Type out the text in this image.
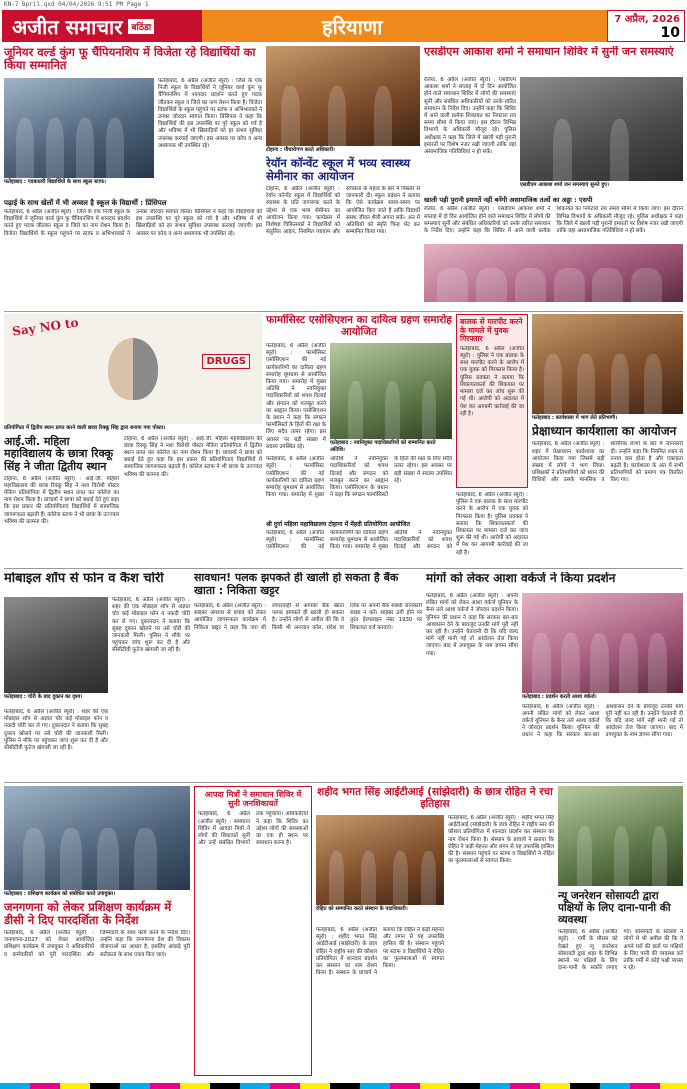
KN-7 Bpril.qxd 04/04/2026 9:51 PM Page 1
अजीत समाचार	बठिंडा	हरियाणा	7 अप्रैल, 2026
10
जूनियर वर्ल्ड कुंग फू चैंपियनशिप में विजेता रहे विद्यार्थियों का किया सम्मानित
फतेहाबाद : पदकधारी विद्यार्थियों के साथ स्कूल स्टाफ।
फतेहाबाद, 6 अप्रैल (अजीत ब्यूरो) : जिले के एक निजी स्कूल के विद्यार्थियों ने जूनियर वर्ल्ड कुंग फू चैंपियनशिप में शानदार प्रदर्शन करते हुए पदक जीतकर स्कूल व जिले का नाम रोशन किया है। विजेता विद्यार्थियों के स्कूल पहुंचने पर स्टाफ व अभिभावकों ने उनका जोरदार स्वागत किया। प्रिंसिपल ने कहा कि विद्यार्थियों की इस उपलब्धि पर पूरे स्कूल को गर्व है और भविष्य में भी खिलाड़ियों को हर संभव सुविधा उपलब्ध करवाई जाएगी। इस अवसर पर कोच व अन्य अध्यापक भी उपस्थित रहे।
पढ़ाई के साथ खेलों में भी अव्वल है स्कूल के विद्यार्थी : प्रिंसिपल
फतेहाबाद, 6 अप्रैल (अजीत ब्यूरो) : जिले के एक निजी स्कूल के विद्यार्थियों ने जूनियर वर्ल्ड कुंग फू चैंपियनशिप में शानदार प्रदर्शन करते हुए पदक जीतकर स्कूल व जिले का नाम रोशन किया है। विजेता विद्यार्थियों के स्कूल पहुंचने पर स्टाफ व अभिभावकों ने उनका जोरदार स्वागत किया। प्रिंसिपल ने कहा कि विद्यार्थियों की इस उपलब्धि पर पूरे स्कूल को गर्व है और भविष्य में भी खिलाड़ियों को हर संभव सुविधा उपलब्ध करवाई जाएगी। इस अवसर पर कोच व अन्य अध्यापक भी उपस्थित रहे।
टोहाना : पौधारोपण करते अधिकारी।
रेयॉन कॉन्वेंट स्कूल में भव्य स्वास्थ्य सेमीनार का आयोजन
टोहाना, 6 अप्रैल (अजीत ब्यूरो) : रेयॉन कॉन्वेंट स्कूल में विद्यार्थियों को स्वास्थ्य के प्रति जागरूक करने के उद्देश्य से एक भव्य सेमीनार का आयोजन किया गया। कार्यक्रम में विशेषज्ञ चिकित्सकों ने विद्यार्थियों को संतुलित आहार, नियमित व्यायाम और स्वच्छता के महत्व के बारे में विस्तार से जानकारी दी। स्कूल प्रबंधन ने बताया कि ऐसे कार्यक्रम समय-समय पर आयोजित किए जाते हैं ताकि विद्यार्थी स्वस्थ जीवन शैली अपना सकें। अंत में अतिथियों को स्मृति चिन्ह भेंट कर सम्मानित किया गया।
एसडीएम आकाश शर्मा ने समाधान शिविर में सुनीं जन समस्याएं
रतिया, 6 अप्रैल (अजीत ब्यूरो) : एसडीएम आकाश शर्मा ने सप्ताह में दो दिन आयोजित होने वाले समाधान शिविर में लोगों की समस्याएं सुनीं और संबंधित अधिकारियों को उनके त्वरित समाधान के निर्देश दिए। उन्होंने कहा कि शिविर में आने वाली प्रत्येक शिकायत का निपटारा तय समय सीमा में किया जाए। इस दौरान विभिन्न विभागों के अधिकारी मौजूद रहे। पुलिस अधीक्षक ने कहा कि जिले में खाली पड़ी पुरानी इमारतों पर विशेष नजर रखी जाएगी ताकि वहां असामाजिक गतिविधियां न हो सकें।
एसडीएम आकाश शर्मा जन समस्याएं सुनते हुए।
खाली पड़ी पुरानी इमारतें नहीं बनेंगी असामाजिक तत्वों का अड्डा : एसपी
रतिया, 6 अप्रैल (अजीत ब्यूरो) : एसडीएम आकाश शर्मा ने सप्ताह में दो दिन आयोजित होने वाले समाधान शिविर में लोगों की समस्याएं सुनीं और संबंधित अधिकारियों को उनके त्वरित समाधान के निर्देश दिए। उन्होंने कहा कि शिविर में आने वाली प्रत्येक शिकायत का निपटारा तय समय सीमा में किया जाए। इस दौरान विभिन्न विभागों के अधिकारी मौजूद रहे। पुलिस अधीक्षक ने कहा कि जिले में खाली पड़ी पुरानी इमारतों पर विशेष नजर रखी जाएगी ताकि वहां असामाजिक गतिविधियां न हो सकें।
Say NO to
DRUGS
प्रतियोगिता में द्वितीय स्थान प्राप्त करने वाली छात्रा रिक्कू सिंह द्वारा बनाया गया पोस्टर।
आई.जी. महिला महाविद्यालय के छात्रा रिक्कू सिंह ने जीता द्वितीय स्थान
टोहाना, 6 अप्रैल (अजीत ब्यूरो) : आई.जी. महिला महाविद्यालय की छात्रा रिक्कू सिंह ने नशा विरोधी पोस्टर मेकिंग प्रतियोगिता में द्वितीय स्थान प्राप्त कर कॉलेज का नाम रोशन किया है। प्राचार्या ने छात्रा को बधाई देते हुए कहा कि इस प्रकार की प्रतियोगिताएं विद्यार्थियों में सामाजिक जागरूकता बढ़ाती हैं। कॉलेज स्टाफ ने भी छात्रा के उज्ज्वल भविष्य की कामना की।
टोहाना, 6 अप्रैल (अजीत ब्यूरो) : आई.जी. महिला महाविद्यालय की छात्रा रिक्कू सिंह ने नशा विरोधी पोस्टर मेकिंग प्रतियोगिता में द्वितीय स्थान प्राप्त कर कॉलेज का नाम रोशन किया है। प्राचार्या ने छात्रा को बधाई देते हुए कहा कि इस प्रकार की प्रतियोगिताएं विद्यार्थियों में सामाजिक जागरूकता बढ़ाती हैं। कॉलेज स्टाफ ने भी छात्रा के उज्ज्वल भविष्य की कामना की।
फार्मासिस्ट एसोसिएशन का दायित्व ग्रहण समारोह आयोजित
फतेहाबाद, 6 अप्रैल (अजीत ब्यूरो) : फार्मासिस्ट एसोसिएशन की नई कार्यकारिणी का दायित्व ग्रहण समारोह धूमधाम से आयोजित किया गया। समारोह में मुख्य अतिथि ने नवनियुक्त पदाधिकारियों को शपथ दिलाई और संगठन को मजबूत करने का आह्वान किया। एसोसिएशन के प्रधान ने कहा कि संगठन फार्मासिस्टों के हितों की रक्षा के लिए सदैव तत्पर रहेगा। इस अवसर पर बड़ी संख्या में सदस्य उपस्थित रहे।
फतेहाबाद : नवनियुक्त पदाधिकारियों को सम्मानित करते अतिथि।
फतेहाबाद, 6 अप्रैल (अजीत ब्यूरो) : फार्मासिस्ट एसोसिएशन की नई कार्यकारिणी का दायित्व ग्रहण समारोह धूमधाम से आयोजित किया गया। समारोह में मुख्य अतिथि ने नवनियुक्त पदाधिकारियों को शपथ दिलाई और संगठन को मजबूत करने का आह्वान किया। एसोसिएशन के प्रधान ने कहा कि संगठन फार्मासिस्टों के हितों की रक्षा के लिए सदैव तत्पर रहेगा। इस अवसर पर बड़ी संख्या में सदस्य उपस्थित रहे।
श्री दुर्गा महिला महाविद्यालय टोहाना में मेंहदी प्रतियोगिता आयोजित
फतेहाबाद, 6 अप्रैल (अजीत ब्यूरो) : फार्मासिस्ट एसोसिएशन की नई कार्यकारिणी का दायित्व ग्रहण समारोह धूमधाम से आयोजित किया गया। समारोह में मुख्य अतिथि ने नवनियुक्त पदाधिकारियों को शपथ दिलाई और संगठन को
बालक से मारपीट करने के मामले में युवक गिरफ्तार
फतेहाबाद, 6 अप्रैल (अजीत ब्यूरो) : पुलिस ने एक बालक के साथ मारपीट करने के आरोप में एक युवक को गिरफ्तार किया है। पुलिस प्रवक्ता ने बताया कि शिकायतकर्ता की शिकायत पर मामला दर्ज कर जांच शुरू की गई थी। आरोपी को अदालत में पेश कर आगामी कार्रवाई की जा रही है।
फतेहाबाद : कार्यशाला में भाग लेते प्रतिभागी।
प्रेक्षाध्यान कार्यशाला का आयोजन
फतेहाबाद, 6 अप्रैल (अजीत ब्यूरो) : शहर में प्रेक्षाध्यान कार्यशाला का आयोजन किया गया जिसमें बड़ी संख्या में लोगों ने भाग लिया। प्रशिक्षकों ने प्रतिभागियों को ध्यान की विधियों और उसके मानसिक व शारीरिक लाभों के बारे में जानकारी दी। उन्होंने कहा कि नियमित ध्यान से तनाव कम होता है और एकाग्रता बढ़ती है। कार्यशाला के अंत में सभी प्रतिभागियों को प्रमाण पत्र वितरित किए गए।
फतेहाबाद, 6 अप्रैल (अजीत ब्यूरो) : पुलिस ने एक बालक के साथ मारपीट करने के आरोप में एक युवक को गिरफ्तार किया है। पुलिस प्रवक्ता ने बताया कि शिकायतकर्ता की शिकायत पर मामला दर्ज कर जांच शुरू की गई थी। आरोपी को अदालत में पेश कर आगामी कार्रवाई की जा रही है।
मोबाइल शॉप से फोन व कैश चोरी
फतेहाबाद : चोरी के बाद दुकान का दृश्य।
फतेहाबाद, 6 अप्रैल (अजीत ब्यूरो) : शहर की एक मोबाइल शॉप से अज्ञात चोर कई मोबाइल फोन व नकदी चोरी कर ले गए। दुकानदार ने बताया कि सुबह दुकान खोलने पर उसे चोरी की जानकारी मिली। पुलिस ने मौके पर पहुंचकर जांच शुरू कर दी है और सीसीटीवी फुटेज खंगाली जा रही है।
फतेहाबाद, 6 अप्रैल (अजीत ब्यूरो) : शहर की एक मोबाइल शॉप से अज्ञात चोर कई मोबाइल फोन व नकदी चोरी कर ले गए। दुकानदार ने बताया कि सुबह दुकान खोलने पर उसे चोरी की जानकारी मिली। पुलिस ने मौके पर पहुंचकर जांच शुरू कर दी है और सीसीटीवी फुटेज खंगाली जा रही है।
सावधान! पलक झपकते ही खाली हो सकता है बैंक खाता : निकिता खट्टर
फतेहाबाद, 6 अप्रैल (अजीत ब्यूरो) : साइबर अपराध से बचाव को लेकर आयोजित जागरूकता कार्यक्रम में निकिता खट्टर ने कहा कि जरा सी लापरवाही से आपका बैंक खाता पलक झपकते ही खाली हो सकता है। उन्होंने लोगों से अपील की कि वे किसी भी अनजान कॉल, संदेश या लिंक पर अपनी बैंक संबंधी जानकारी साझा न करें। साइबर ठगी होने पर तुरंत हेल्पलाइन नंबर 1930 पर शिकायत दर्ज करवाएं।
मांगों को लेकर आशा वर्कर्ज ने किया प्रदर्शन
फतेहाबाद, 6 अप्रैल (अजीत ब्यूरो) : अपनी लंबित मांगों को लेकर आशा वर्कर्ज यूनियन के बैनर तले आशा वर्कर्ज ने जोरदार प्रदर्शन किया। यूनियन की प्रधान ने कहा कि सरकार बार-बार आश्वासन देने के बावजूद उनकी मांगें पूरी नहीं कर रही है। उन्होंने चेतावनी दी कि यदि जल्द मांगें नहीं मानी गईं तो आंदोलन तेज किया जाएगा। बाद में उपायुक्त के नाम ज्ञापन सौंपा गया।
फतेहाबाद : प्रदर्शन करती आशा वर्कर्ज।
फतेहाबाद, 6 अप्रैल (अजीत ब्यूरो) : अपनी लंबित मांगों को लेकर आशा वर्कर्ज यूनियन के बैनर तले आशा वर्कर्ज ने जोरदार प्रदर्शन किया। यूनियन की प्रधान ने कहा कि सरकार बार-बार आश्वासन देने के बावजूद उनकी मांगें पूरी नहीं कर रही है। उन्होंने चेतावनी दी कि यदि जल्द मांगें नहीं मानी गईं तो आंदोलन तेज किया जाएगा। बाद में उपायुक्त के नाम ज्ञापन सौंपा गया।
फतेहाबाद : प्रशिक्षण कार्यक्रम को संबोधित करते उपायुक्त।
जनगणना को लेकर प्रशिक्षण कार्यक्रम में डीसी ने दिए पारदर्शिता के निर्देश
फतेहाबाद, 6 अप्रैल (अजीत ब्यूरो) : जनगणना-2027 को लेकर आयोजित प्रशिक्षण कार्यक्रम में उपायुक्त ने अधिकारियों व कर्मचारियों को पूरी पारदर्शिता और जिम्मेदारी के साथ कार्य करने के निर्देश दिए। उन्होंने कहा कि जनगणना देश की विकास योजनाओं का आधार है, इसलिए आंकड़े पूरी सटीकता के साथ एकत्र किए जाएं।
आपदा मित्रों ने समाधान शिविर में सुनी जनशिकायतें
फतेहाबाद, 6 अप्रैल (अजीत ब्यूरो) : समाधान शिविर में आपदा मित्रों ने लोगों की शिकायतें सुनीं और उन्हें संबंधित विभागों तक पहुंचाया। अधिकारियों ने कहा कि शिविर का उद्देश्य लोगों की समस्याओं का एक ही स्थान पर समाधान करना है।
शहीद भगत सिंह आईटीआई (सांझेदारी) के छात्र रोहित ने रचा इतिहास
रोहित को सम्मानित करते संस्थान के पदाधिकारी।
फतेहाबाद, 6 अप्रैल (अजीत ब्यूरो) : शहीद भगत सिंह आईटीआई (सांझेदारी) के छात्र रोहित ने राष्ट्रीय स्तर की कौशल प्रतियोगिता में शानदार प्रदर्शन कर संस्थान का नाम रोशन किया है। संस्थान के प्राचार्य ने बताया कि रोहित ने कड़ी मेहनत और लगन से यह उपलब्धि हासिल की है। संस्थान पहुंचने पर स्टाफ व विद्यार्थियों ने रोहित का फूलमालाओं से स्वागत किया।
फतेहाबाद, 6 अप्रैल (अजीत ब्यूरो) : शहीद भगत सिंह आईटीआई (सांझेदारी) के छात्र रोहित ने राष्ट्रीय स्तर की कौशल प्रतियोगिता में शानदार प्रदर्शन कर संस्थान का नाम रोशन किया है। संस्थान के प्राचार्य ने बताया कि रोहित ने कड़ी मेहनत और लगन से यह उपलब्धि हासिल की है। संस्थान पहुंचने पर स्टाफ व विद्यार्थियों ने रोहित का फूलमालाओं से स्वागत किया।
न्यू जनरेशन सोसायटी द्वारा पक्षियों के लिए दाना-पानी की व्यवस्था
फतेहाबाद, 6 अप्रैल (अजीत ब्यूरो) : गर्मी के मौसम को देखते हुए न्यू जनरेशन सोसायटी द्वारा शहर के विभिन्न स्थानों पर पक्षियों के लिए दाना-पानी के सकोरे लगाए गए। सोसायटी के सदस्यों ने लोगों से भी अपील की कि वे अपने घरों की छतों पर पक्षियों के लिए पानी की व्यवस्था करें ताकि गर्मी में कोई पक्षी प्यासा न रहे।
